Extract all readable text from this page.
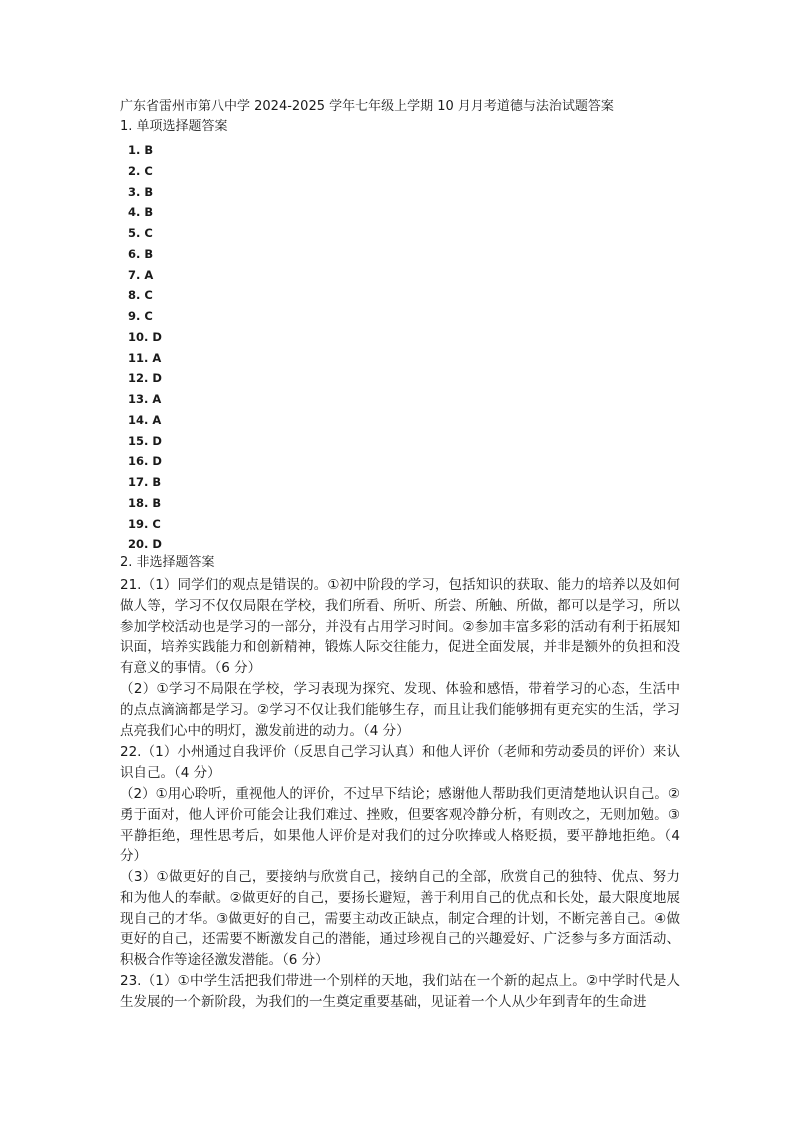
广东省雷州市第八中学 2024-2025 学年七年级上学期 10 月月考道德与法治试题答案
1. 单项选择题答案
1. B
2. C
3. B
4. B
5. C
6. B
7. A
8. C
9. C
10. D
11. A
12. D
13. A
14. A
15. D
16. D
17. B
18. B
19. C
20. D
2. 非选择题答案
21.（1）同学们的观点是错误的。①初中阶段的学习，包括知识的获取、能力的培养以及如何做人等，学习不仅仅局限在学校，我们所看、所听、所尝、所触、所做，都可以是学习，所以参加学校活动也是学习的一部分，并没有占用学习时间。②参加丰富多彩的活动有利于拓展知识面，培养实践能力和创新精神，锻炼人际交往能力，促进全面发展，并非是额外的负担和没有意义的事情。（6 分）
（2）①学习不局限在学校，学习表现为探究、发现、体验和感悟，带着学习的心态，生活中的点点滴滴都是学习。②学习不仅让我们能够生存，而且让我们能够拥有更充实的生活，学习点亮我们心中的明灯，激发前进的动力。（4 分）
22.（1）小州通过自我评价（反思自己学习认真）和他人评价（老师和劳动委员的评价）来认识自己。（4 分）
（2）①用心聆听，重视他人的评价，不过早下结论；感谢他人帮助我们更清楚地认识自己。②勇于面对，他人评价可能会让我们难过、挫败，但要客观冷静分析，有则改之，无则加勉。③平静拒绝，理性思考后，如果他人评价是对我们的过分吹捧或人格贬损，要平静地拒绝。（4 分）
（3）①做更好的自己，要接纳与欣赏自己，接纳自己的全部，欣赏自己的独特、优点、努力和为他人的奉献。②做更好的自己，要扬长避短，善于利用自己的优点和长处，最大限度地展现自己的才华。③做更好的自己，需要主动改正缺点，制定合理的计划，不断完善自己。④做更好的自己，还需要不断激发自己的潜能，通过珍视自己的兴趣爱好、广泛参与多方面活动、积极合作等途径激发潜能。（6 分）
23.（1）①中学生活把我们带进一个别样的天地，我们站在一个新的起点上。②中学时代是人生发展的一个新阶段，为我们的一生奠定重要基础，见证着一个人从少年到青年的生命进
